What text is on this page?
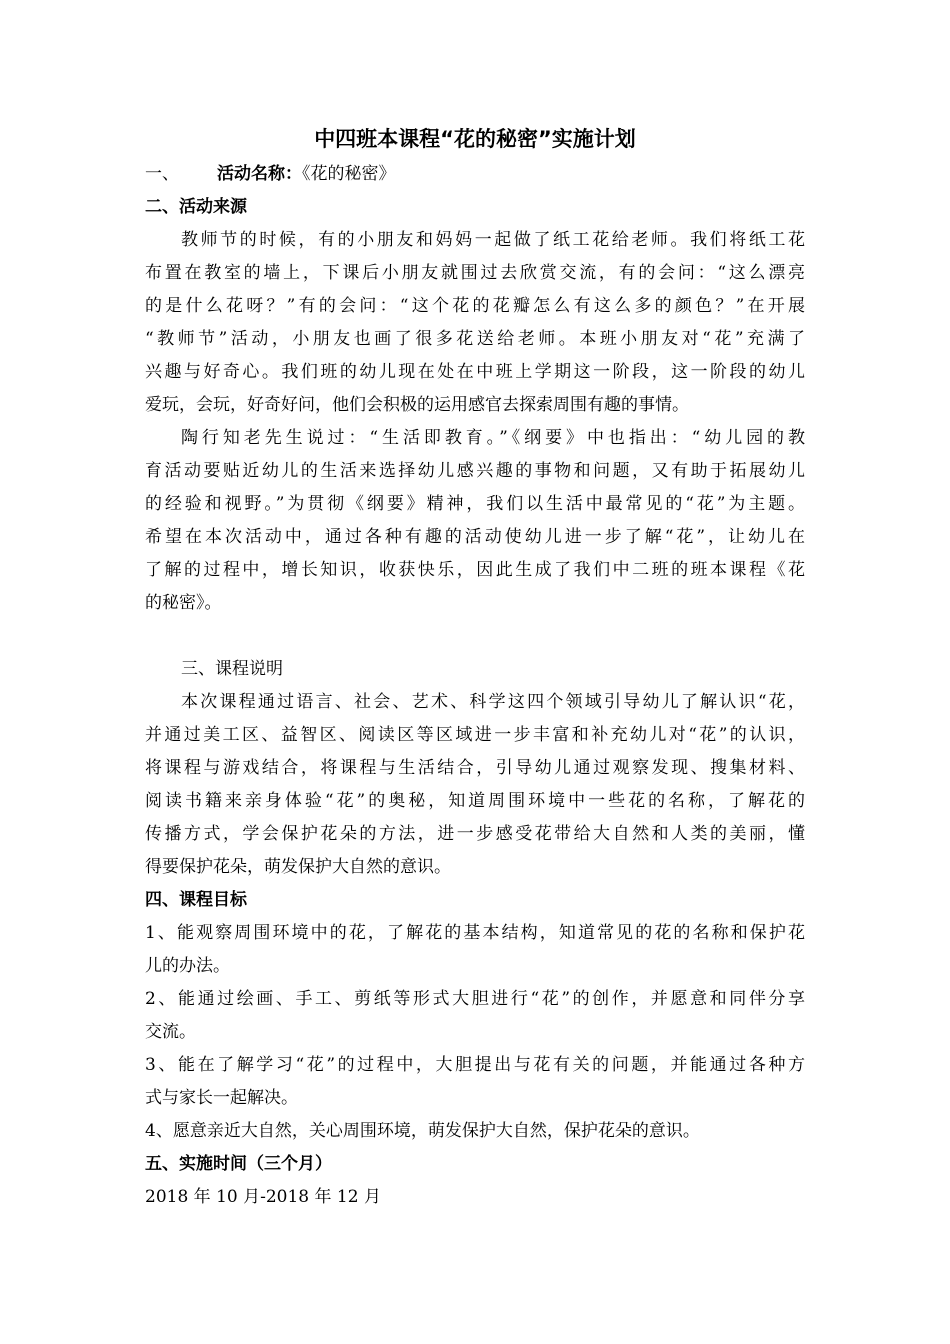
中四班本课程“花的秘密”实施计划
一、 活动名称：《花的秘密》
二、活动来源
教师节的时候，有的小朋友和妈妈一起做了纸工花给老师。我们将纸工花
布置在教室的墙上，下课后小朋友就围过去欣赏交流，有的会问：“这么漂亮
的是什么花呀？”有的会问：“这个花的花瓣怎么有这么多的颜色？”在开展
“教师节”活动，小朋友也画了很多花送给老师。本班小朋友对“花”充满了
兴趣与好奇心。我们班的幼儿现在处在中班上学期这一阶段，这一阶段的幼儿
爱玩，会玩，好奇好问，他们会积极的运用感官去探索周围有趣的事情。
陶行知老先生说过：“生活即教育。”《纲要》中也指出：“幼儿园的教
育活动要贴近幼儿的生活来选择幼儿感兴趣的事物和问题，又有助于拓展幼儿
的经验和视野。”为贯彻《纲要》精神，我们以生活中最常见的“花”为主题。
希望在本次活动中，通过各种有趣的活动使幼儿进一步了解“花”，让幼儿在
了解的过程中，增长知识，收获快乐，因此生成了我们中二班的班本课程《花
的秘密》。
三、课程说明
本次课程通过语言、社会、艺术、科学这四个领域引导幼儿了解认识“花，
并通过美工区、益智区、阅读区等区域进一步丰富和补充幼儿对“花”的认识，
将课程与游戏结合，将课程与生活结合，引导幼儿通过观察发现、搜集材料、
阅读书籍来亲身体验“花”的奥秘，知道周围环境中一些花的名称，了解花的
传播方式，学会保护花朵的方法，进一步感受花带给大自然和人类的美丽，懂
得要保护花朵，萌发保护大自然的意识。
四、课程目标
1、能观察周围环境中的花，了解花的基本结构，知道常见的花的名称和保护花
儿的办法。
2、能通过绘画、手工、剪纸等形式大胆进行“花”的创作，并愿意和同伴分享
交流。
3、能在了解学习“花”的过程中，大胆提出与花有关的问题，并能通过各种方
式与家长一起解决。
4、愿意亲近大自然，关心周围环境，萌发保护大自然，保护花朵的意识。
五、实施时间（三个月）
2018 年 10 月-2018 年 12 月
